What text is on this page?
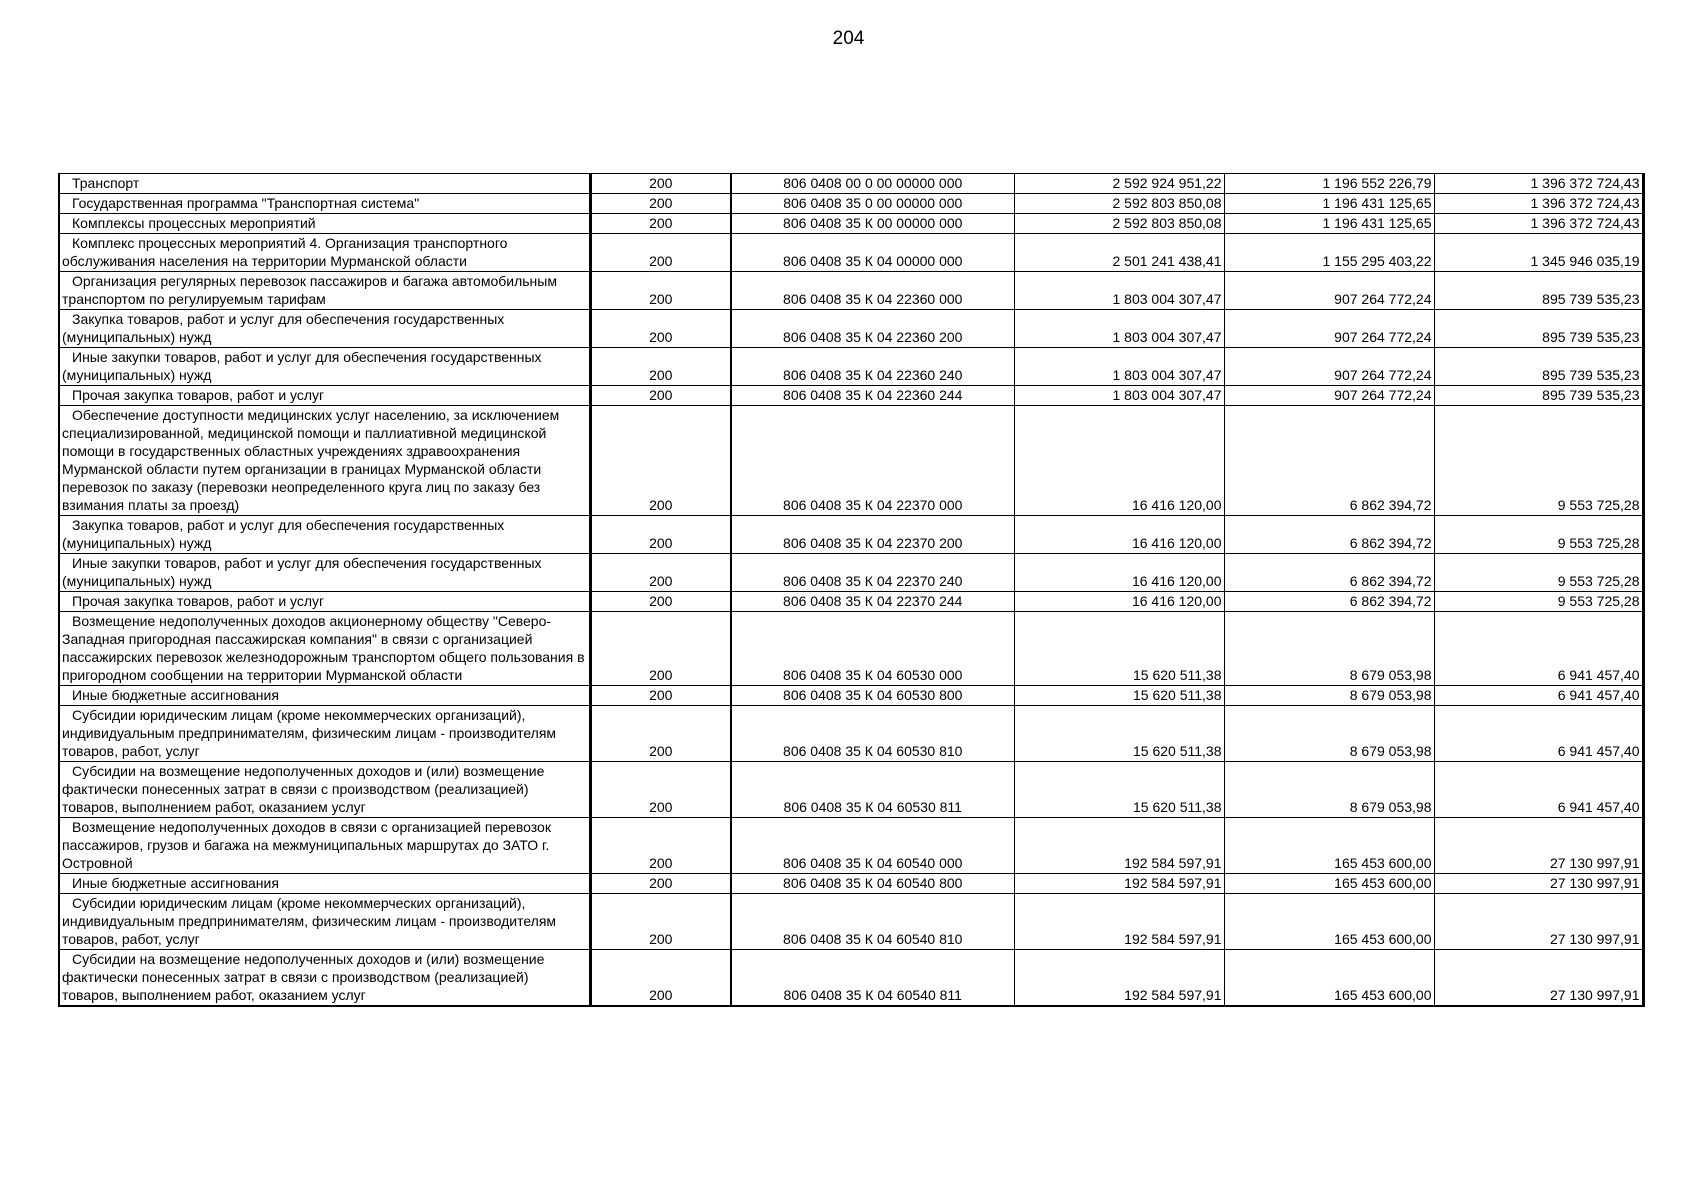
204
Транспорт	200	806 0408 00 0 00 00000 000	2 592 924 951,22	1 196 552 226,79	1 396 372 724,43
Государственная программа "Транспортная система"	200	806 0408 35 0 00 00000 000	2 592 803 850,08	1 196 431 125,65	1 396 372 724,43
Комплексы процессных мероприятий	200	806 0408 35 К 00 00000 000	2 592 803 850,08	1 196 431 125,65	1 396 372 724,43
Комплекс процессных мероприятий 4. Организация транспортного обслуживания населения на территории Мурманской области	200	806 0408 35 К 04 00000 000	2 501 241 438,41	1 155 295 403,22	1 345 946 035,19
Организация регулярных перевозок пассажиров и багажа автомобильным транспортом по регулируемым тарифам	200	806 0408 35 К 04 22360 000	1 803 004 307,47	907 264 772,24	895 739 535,23
Закупка товаров, работ и услуг для обеспечения государственных (муниципальных) нужд	200	806 0408 35 К 04 22360 200	1 803 004 307,47	907 264 772,24	895 739 535,23
Иные закупки товаров, работ и услуг для обеспечения государственных (муниципальных) нужд	200	806 0408 35 К 04 22360 240	1 803 004 307,47	907 264 772,24	895 739 535,23
Прочая закупка товаров, работ и услуг	200	806 0408 35 К 04 22360 244	1 803 004 307,47	907 264 772,24	895 739 535,23
Обеспечение доступности медицинских услуг населению, за исключением специализированной, медицинской помощи и паллиативной медицинской помощи в государственных областных учреждениях здравоохранения Мурманской области путем организации в границах Мурманской области перевозок по заказу (перевозки неопределенного круга лиц по заказу без взимания платы за проезд)	200	806 0408 35 К 04 22370 000	16 416 120,00	6 862 394,72	9 553 725,28
Закупка товаров, работ и услуг для обеспечения государственных (муниципальных) нужд	200	806 0408 35 К 04 22370 200	16 416 120,00	6 862 394,72	9 553 725,28
Иные закупки товаров, работ и услуг для обеспечения государственных (муниципальных) нужд	200	806 0408 35 К 04 22370 240	16 416 120,00	6 862 394,72	9 553 725,28
Прочая закупка товаров, работ и услуг	200	806 0408 35 К 04 22370 244	16 416 120,00	6 862 394,72	9 553 725,28
Возмещение недополученных доходов акционерному обществу "Северо-Западная пригородная пассажирская компания" в связи с организацией пассажирских перевозок железнодорожным транспортом общего пользования в пригородном сообщении на территории Мурманской области	200	806 0408 35 К 04 60530 000	15 620 511,38	8 679 053,98	6 941 457,40
Иные бюджетные ассигнования	200	806 0408 35 К 04 60530 800	15 620 511,38	8 679 053,98	6 941 457,40
Субсидии юридическим лицам (кроме некоммерческих организаций), индивидуальным предпринимателям, физическим лицам - производителям товаров, работ, услуг	200	806 0408 35 К 04 60530 810	15 620 511,38	8 679 053,98	6 941 457,40
Субсидии на возмещение недополученных доходов и (или) возмещение фактически понесенных затрат в связи с производством (реализацией) товаров, выполнением работ, оказанием услуг	200	806 0408 35 К 04 60530 811	15 620 511,38	8 679 053,98	6 941 457,40
Возмещение недополученных доходов в связи с организацией перевозок пассажиров, грузов и багажа на межмуниципальных маршрутах до ЗАТО г. Островной	200	806 0408 35 К 04 60540 000	192 584 597,91	165 453 600,00	27 130 997,91
Иные бюджетные ассигнования	200	806 0408 35 К 04 60540 800	192 584 597,91	165 453 600,00	27 130 997,91
Субсидии юридическим лицам (кроме некоммерческих организаций), индивидуальным предпринимателям, физическим лицам - производителям товаров, работ, услуг	200	806 0408 35 К 04 60540 810	192 584 597,91	165 453 600,00	27 130 997,91
Субсидии на возмещение недополученных доходов и (или) возмещение фактически понесенных затрат в связи с производством (реализацией) товаров, выполнением работ, оказанием услуг	200	806 0408 35 К 04 60540 811	192 584 597,91	165 453 600,00	27 130 997,91
